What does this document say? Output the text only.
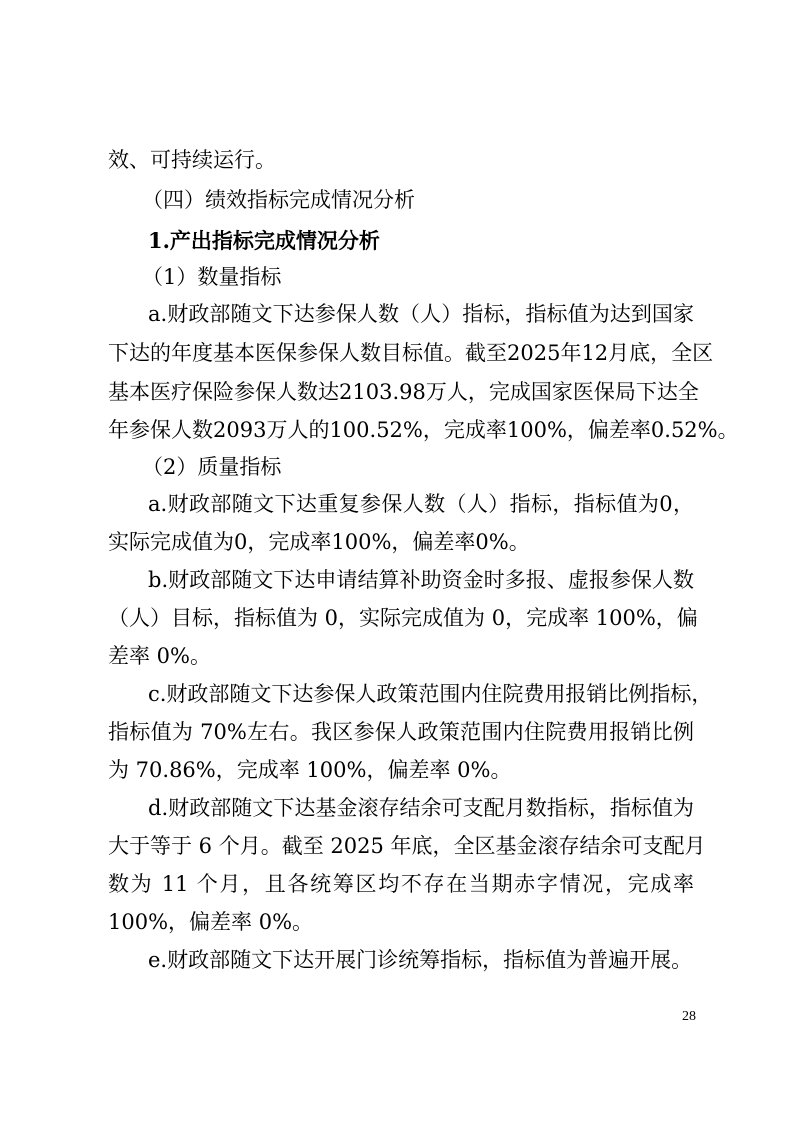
效、可持续运行。
（四）绩效指标完成情况分析
1.产出指标完成情况分析
（1）数量指标
a.财政部随文下达参保人数（人）指标，指标值为达到国家
下达的年度基本医保参保人数目标值。截至2025年12月底，全区
基本医疗保险参保人数达2103.98万人，完成国家医保局下达全
年参保人数2093万人的100.52%，完成率100%，偏差率0.52%。
（2）质量指标
a.财政部随文下达重复参保人数（人）指标，指标值为0，
实际完成值为0，完成率100%，偏差率0%。
b.财政部随文下达申请结算补助资金时多报、虚报参保人数
（人）目标，指标值为 0，实际完成值为 0，完成率 100%，偏
差率 0%。
c.财政部随文下达参保人政策范围内住院费用报销比例指标，
指标值为 70%左右。我区参保人政策范围内住院费用报销比例
为 70.86%，完成率 100%，偏差率 0%。
d.财政部随文下达基金滚存结余可支配月数指标，指标值为
大于等于 6 个月。截至 2025 年底，全区基金滚存结余可支配月
数为 11 个月，且各统筹区均不存在当期赤字情况，完成率
100%，偏差率 0%。
e.财政部随文下达开展门诊统筹指标，指标值为普遍开展。
28
